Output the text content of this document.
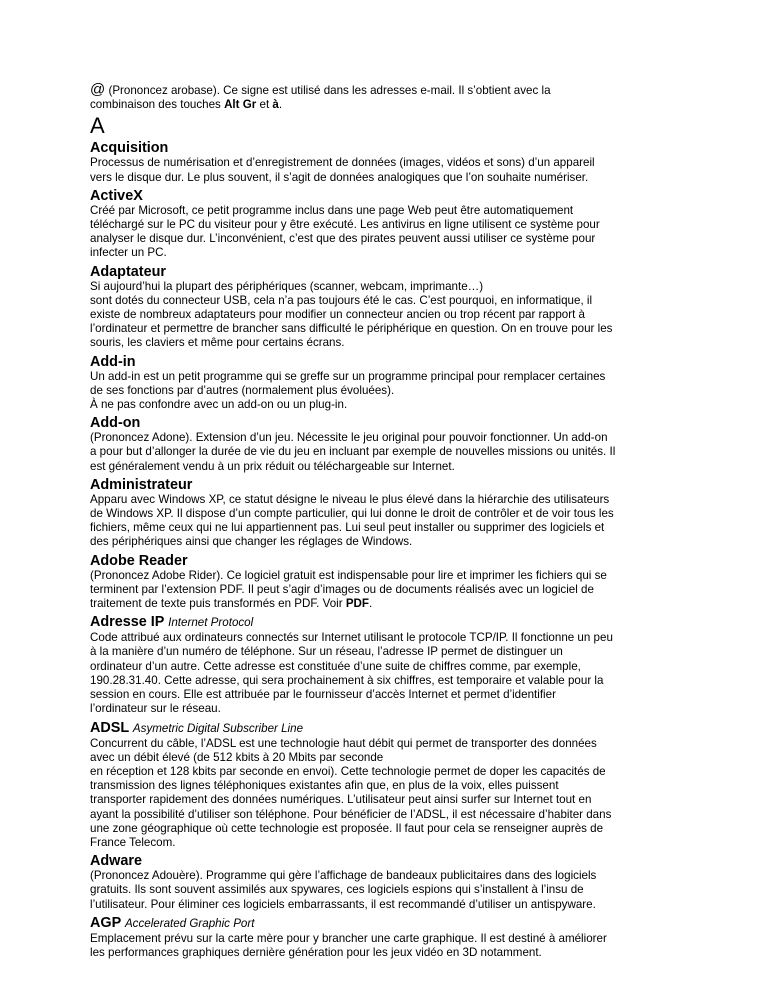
@ (Prononcez arobase). Ce signe est utilisé dans les adresses e-mail. Il s’obtient avec la
combinaison des touches Alt Gr et à.

A
Acquisition

Processus de numérisation et d’enregistrement de données (images, vidéos et sons) d’un appareil
vers le disque dur. Le plus souvent, il s’agit de données analogiques que l’on souhaite numériser.

ActiveX

Créé par Microsoft, ce petit programme inclus dans une page Web peut être automatiquement
téléchargé sur le PC du visiteur pour y être exécuté. Les antivirus en ligne utilisent ce système pour
analyser le disque dur. L’inconvénient, c’est que des pirates peuvent aussi utiliser ce système pour
infecter un PC.

Adaptateur

Si aujourd’hui la plupart des périphériques (scanner, webcam, imprimante…)
sont dotés du connecteur USB, cela n’a pas toujours été le cas. C’est pourquoi, en informatique, il
existe de nombreux adaptateurs pour modifier un connecteur ancien ou trop récent par rapport à
l’ordinateur et permettre de brancher sans difficulté le périphérique en question. On en trouve pour les
souris, les claviers et même pour certains écrans.

Add-in

Un add-in est un petit programme qui se greffe sur un programme principal pour remplacer certaines
de ses fonctions par d’autres (normalement plus évoluées).
À ne pas confondre avec un add-on ou un plug-in.

Add-on

(Prononcez Adone). Extension d’un jeu. Nécessite le jeu original pour pouvoir fonctionner. Un add-on
a pour but d’allonger la durée de vie du jeu en incluant par exemple de nouvelles missions ou unités. Il
est généralement vendu à un prix réduit ou téléchargeable sur Internet.

Administrateur

Apparu avec Windows XP, ce statut désigne le niveau le plus élevé dans la hiérarchie des utilisateurs
de Windows XP. Il dispose d’un compte particulier, qui lui donne le droit de contrôler et de voir tous les
fichiers, même ceux qui ne lui appartiennent pas. Lui seul peut installer ou supprimer des logiciels et
des périphériques ainsi que changer les réglages de Windows.

Adobe Reader

(Prononcez Adobe Rider). Ce logiciel gratuit est indispensable pour lire et imprimer les fichiers qui se
terminent par l’extension PDF. Il peut s’agir d’images ou de documents réalisés avec un logiciel de
traitement de texte puis transformés en PDF. Voir PDF.

Adresse IP Internet Protocol

Code attribué aux ordinateurs connectés sur Internet utilisant le protocole TCP/IP. Il fonctionne un peu
à la manière d’un numéro de téléphone. Sur un réseau, l’adresse IP permet de distinguer un
ordinateur d’un autre. Cette adresse est constituée d’une suite de chiffres comme, par exemple,
190.28.31.40. Cette adresse, qui sera prochainement à six chiffres, est temporaire et valable pour la
session en cours. Elle est attribuée par le fournisseur d’accès Internet et permet d’identifier
l’ordinateur sur le réseau.

ADSL Asymetric Digital Subscriber Line

Concurrent du câble, l’ADSL est une technologie haut débit qui permet de transporter des données
avec un débit élevé (de 512 kbits à 20 Mbits par seconde
en réception et 128 kbits par seconde en envoi). Cette technologie permet de doper les capacités de
transmission des lignes téléphoniques existantes afin que, en plus de la voix, elles puissent
transporter rapidement des données numériques. L’utilisateur peut ainsi surfer sur Internet tout en
ayant la possibilité d’utiliser son téléphone. Pour bénéficier de l’ADSL, il est nécessaire d’habiter dans
une zone géographique où cette technologie est proposée. Il faut pour cela se renseigner auprès de
France Telecom.

Adware

(Prononcez Adouère). Programme qui gère l’affichage de bandeaux publicitaires dans des logiciels
gratuits. Ils sont souvent assimilés aux spywares, ces logiciels espions qui s’installent à l’insu de
l’utilisateur. Pour éliminer ces logiciels embarrassants, il est recommandé d’utiliser un antispyware.

AGP Accelerated Graphic Port

Emplacement prévu sur la carte mère pour y brancher une carte graphique. Il est destiné à améliorer
les performances graphiques dernière génération pour les jeux vidéo en 3D notamment.
